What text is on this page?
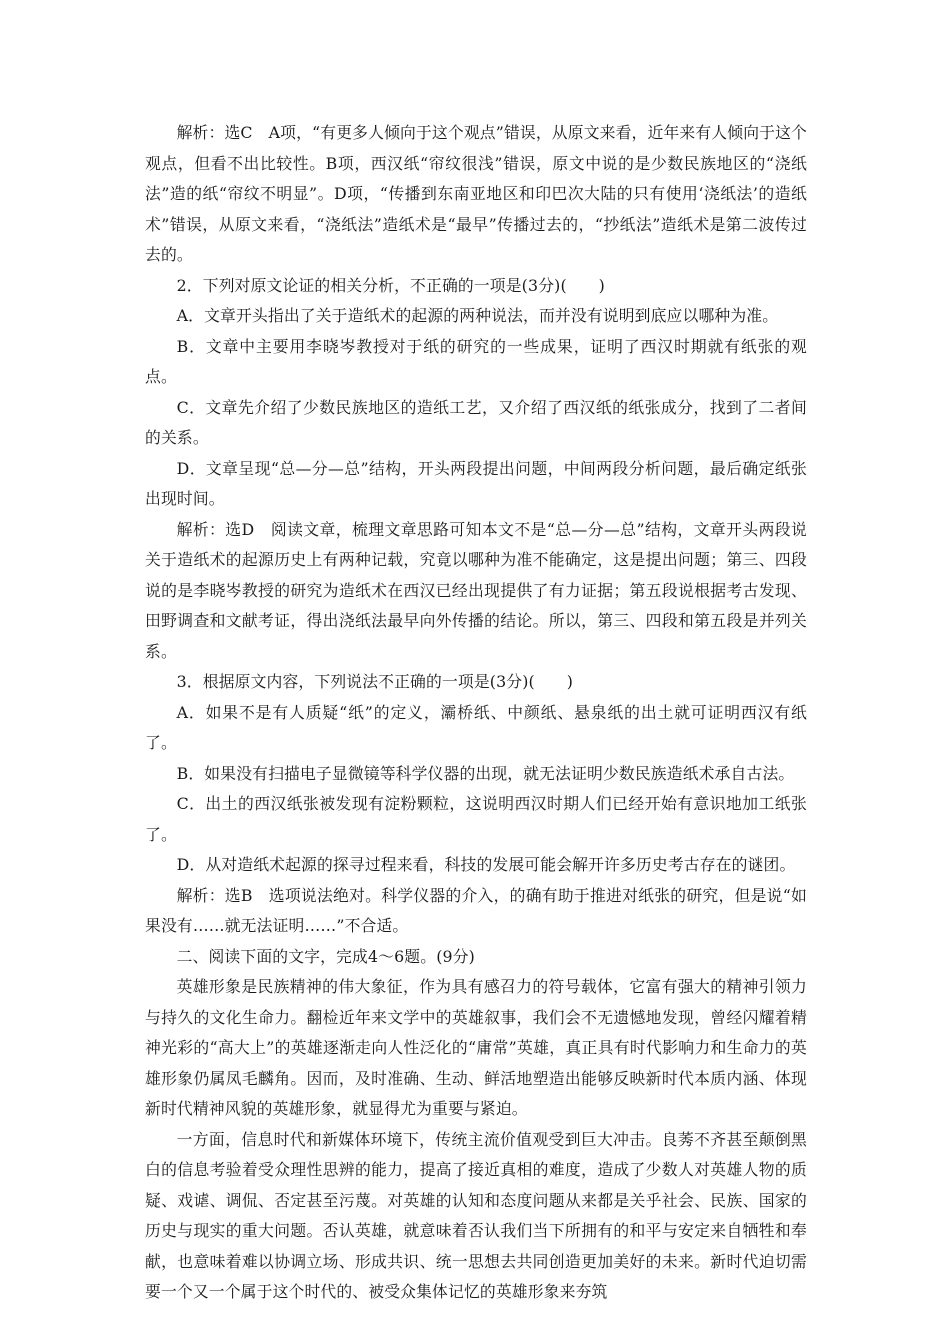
解析：选C　A项，“有更多人倾向于这个观点”错误，从原文来看，近年来有人倾向于这个观点，但看不出比较性。B项，西汉纸“帘纹很浅”错误，原文中说的是少数民族地区的“浇纸法”造的纸“帘纹不明显”。D项，“传播到东南亚地区和印巴次大陆的只有使用‘浇纸法’的造纸术”错误，从原文来看，“浇纸法”造纸术是“最早”传播过去的，“抄纸法”造纸术是第二波传过去的。

2．下列对原文论证的相关分析，不正确的一项是(3分)(　　)

A．文章开头指出了关于造纸术的起源的两种说法，而并没有说明到底应以哪种为准。

B．文章中主要用李晓岑教授对于纸的研究的一些成果，证明了西汉时期就有纸张的观点。

C．文章先介绍了少数民族地区的造纸工艺，又介绍了西汉纸的纸张成分，找到了二者间的关系。

D．文章呈现“总—分—总”结构，开头两段提出问题，中间两段分析问题，最后确定纸张出现时间。

解析：选D　阅读文章，梳理文章思路可知本文不是“总—分—总”结构，文章开头两段说关于造纸术的起源历史上有两种记载，究竟以哪种为准不能确定，这是提出问题；第三、四段说的是李晓岑教授的研究为造纸术在西汉已经出现提供了有力证据；第五段说根据考古发现、田野调查和文献考证，得出浇纸法最早向外传播的结论。所以，第三、四段和第五段是并列关系。

3．根据原文内容，下列说法不正确的一项是(3分)(　　)

A．如果不是有人质疑“纸”的定义，灞桥纸、中颜纸、悬泉纸的出土就可证明西汉有纸了。

B．如果没有扫描电子显微镜等科学仪器的出现，就无法证明少数民族造纸术承自古法。

C．出土的西汉纸张被发现有淀粉颗粒，这说明西汉时期人们已经开始有意识地加工纸张了。

D．从对造纸术起源的探寻过程来看，科技的发展可能会解开许多历史考古存在的谜团。

解析：选B　选项说法绝对。科学仪器的介入，的确有助于推进对纸张的研究，但是说“如果没有……就无法证明……”不合适。

二、阅读下面的文字，完成4～6题。(9分)

英雄形象是民族精神的伟大象征，作为具有感召力的符号载体，它富有强大的精神引领力与持久的文化生命力。翻检近年来文学中的英雄叙事，我们会不无遗憾地发现，曾经闪耀着精神光彩的“高大上”的英雄逐渐走向人性泛化的“庸常”英雄，真正具有时代影响力和生命力的英雄形象仍属凤毛麟角。因而，及时准确、生动、鲜活地塑造出能够反映新时代本质内涵、体现新时代精神风貌的英雄形象，就显得尤为重要与紧迫。

一方面，信息时代和新媒体环境下，传统主流价值观受到巨大冲击。良莠不齐甚至颠倒黑白的信息考验着受众理性思辨的能力，提高了接近真相的难度，造成了少数人对英雄人物的质疑、戏谑、调侃、否定甚至污蔑。对英雄的认知和态度问题从来都是关乎社会、民族、国家的历史与现实的重大问题。否认英雄，就意味着否认我们当下所拥有的和平与安定来自牺牲和奉献，也意味着难以协调立场、形成共识、统一思想去共同创造更加美好的未来。新时代迫切需要一个又一个属于这个时代的、被受众集体记忆的英雄形象来夯筑
